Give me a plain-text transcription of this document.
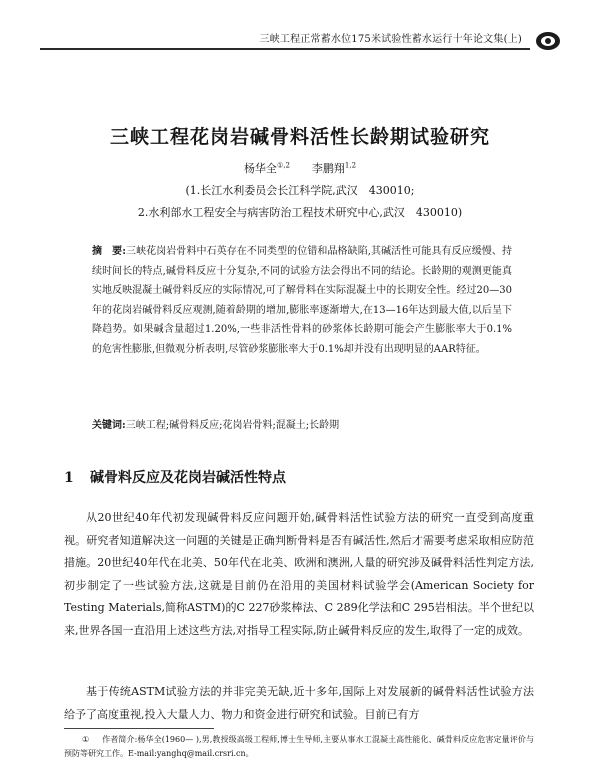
三峡工程正常蓄水位175米试验性蓄水运行十年论文集(上)
三峡工程花岗岩碱骨料活性长龄期试验研究
杨华全$^{①,2}$ 李鹏翔$^{1,2}$
(1.长江水利委员会长江科学院,武汉　430010;
2.水利部水工程安全与病害防治工程技术研究中心,武汉　430010)
摘　要:三峡花岗岩骨料中石英存在不同类型的位错和晶格缺陷,其碱活性可能具有反应缓慢、持续时间长的特点,碱骨料反应十分复杂,不同的试验方法会得出不同的结论。长龄期的观测更能真实地反映混凝土碱骨料反应的实际情况,可了解骨料在实际混凝土中的长期安全性。经过20—30年的花岗岩碱骨料反应观测,随着龄期的增加,膨胀率逐渐增大,在13—16年达到最大值,以后呈下降趋势。如果碱含量超过1.20%,一些非活性骨料的砂浆体长龄期可能会产生膨胀率大于0.1%的危害性膨胀,但微观分析表明,尽管砂浆膨胀率大于0.1%却并没有出现明显的AAR特征。
关键词:三峡工程;碱骨料反应;花岗岩骨料;混凝土;长龄期
1 碱骨料反应及花岗岩碱活性特点
从20世纪40年代初发现碱骨料反应问题开始,碱骨料活性试验方法的研究一直受到高度重视。研究者知道解决这一问题的关键是正确判断骨料是否有碱活性,然后才需要考虑采取相应防范措施。20世纪40年代在北美、50年代在北美、欧洲和澳洲,人量的研究涉及碱骨料活性判定方法,初步制定了一些试验方法,这就是目前仍在沿用的美国材料试验学会(American Society for Testing Materials,简称ASTM)的C 227砂浆棒法、C 289化学法和C 295岩相法。半个世纪以来,世界各国一直沿用上述这些方法,对指导工程实际,防止碱骨料反应的发生,取得了一定的成效。
基于传统ASTM试验方法的并非完美无缺,近十多年,国际上对发展新的碱骨料活性试验方法给予了高度重视,投入大量人力、物力和资金进行研究和试验。目前已有方
① 作者简介:杨华全(1960— ),男,教授级高级工程师,博士生导师,主要从事水工混凝土高性能化、碱骨料反应危害定量评价与预防等研究工作。E-mail:yanghq@mail.crsri.cn。
